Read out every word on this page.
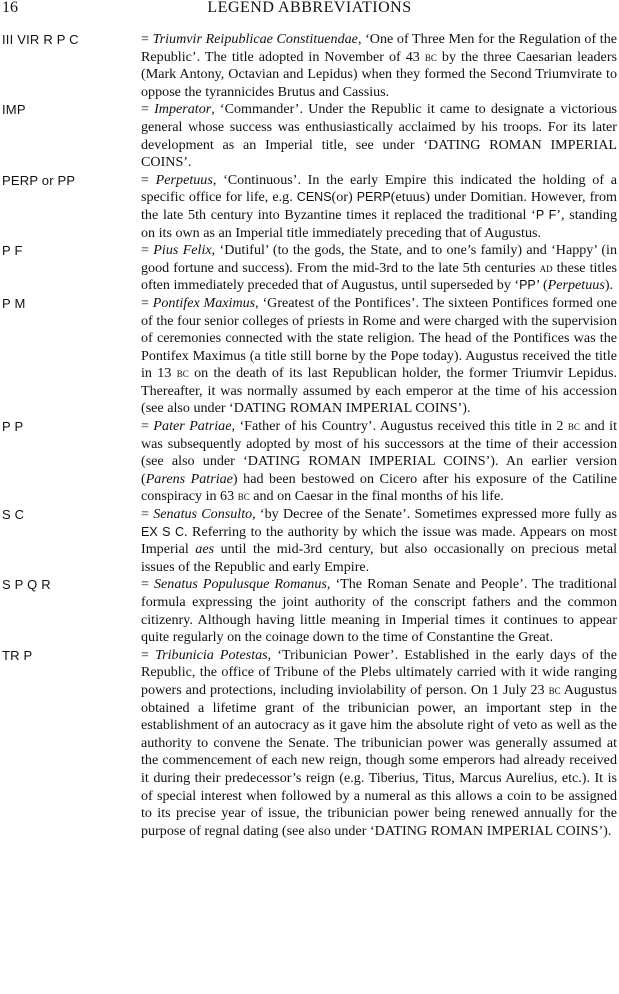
16	LEGEND ABBREVIATIONS
III VIR R P C	= Triumvir Reipublicae Constituendae, ‘One of Three Men for the Regulation of the Republic’. The title adopted in November of 43 bc by the three Caesarian leaders (Mark Antony, Octavian and Lepidus) when they formed the Second Triumvirate to oppose the tyrannicides Brutus and Cassius.

IMP	= Imperator, ‘Commander’. Under the Republic it came to designate a victorious general whose success was enthusiastically acclaimed by his troops. For its later development as an Imperial title, see under ‘DATING ROMAN IMPERIAL COINS’.

PERP or PP	= Perpetuus, ‘Continuous’. In the early Empire this indicated the holding of a specific office for life, e.g. CENS(or) PERP(etuus) under Domitian. However, from the late 5th century into Byzantine times it replaced the traditional ‘P F’, standing on its own as an Imperial title immediately preceding that of Augustus.

P F	= Pius Felix, ‘Dutiful’ (to the gods, the State, and to one’s family) and ‘Happy’ (in good fortune and success). From the mid-3rd to the late 5th centuries ad these titles often immediately preceded that of Augustus, until superseded by ‘PP’ (Perpetuus).

P M	= Pontifex Maximus, ‘Greatest of the Pontifices’. The sixteen Pontifices formed one of the four senior colleges of priests in Rome and were charged with the supervision of ceremonies connected with the state religion. The head of the Pontifices was the Pontifex Maximus (a title still borne by the Pope today). Augustus received the title in 13 bc on the death of its last Republican holder, the former Triumvir Lepidus. Thereafter, it was normally assumed by each emperor at the time of his accession (see also under ‘DATING ROMAN IMPERIAL COINS’).

P P	= Pater Patriae, ‘Father of his Country’. Augustus received this title in 2 bc and it was subsequently adopted by most of his successors at the time of their accession (see also under ‘DATING ROMAN IMPERIAL COINS’). An earlier version (Parens Patriae) had been bestowed on Cicero after his exposure of the Catiline conspiracy in 63 bc and on Caesar in the final months of his life.

S C	= Senatus Consulto, ‘by Decree of the Senate’. Sometimes expressed more fully as EX S C. Referring to the authority by which the issue was made. Appears on most Imperial aes until the mid-3rd century, but also occasionally on precious metal issues of the Republic and early Empire.

S P Q R	= Senatus Populusque Romanus, ‘The Roman Senate and People’. The traditional formula expressing the joint authority of the conscript fathers and the common citizenry. Although having little meaning in Imperial times it continues to appear quite regularly on the coinage down to the time of Constantine the Great.

TR P	= Tribunicia Potestas, ‘Tribunician Power’. Established in the early days of the Republic, the office of Tribune of the Plebs ultimately carried with it wide ranging powers and protections, including inviolability of person. On 1 July 23 bc Augustus obtained a lifetime grant of the tribunician power, an important step in the establishment of an autocracy as it gave him the absolute right of veto as well as the authority to convene the Senate. The tribunician power was generally assumed at the commencement of each new reign, though some emperors had already received it during their predecessor’s reign (e.g. Tiberius, Titus, Marcus Aurelius, etc.). It is of special interest when followed by a numeral as this allows a coin to be assigned to its precise year of issue, the tribunician power being renewed annually for the purpose of regnal dating (see also under ‘DATING ROMAN IMPERIAL COINS’).
